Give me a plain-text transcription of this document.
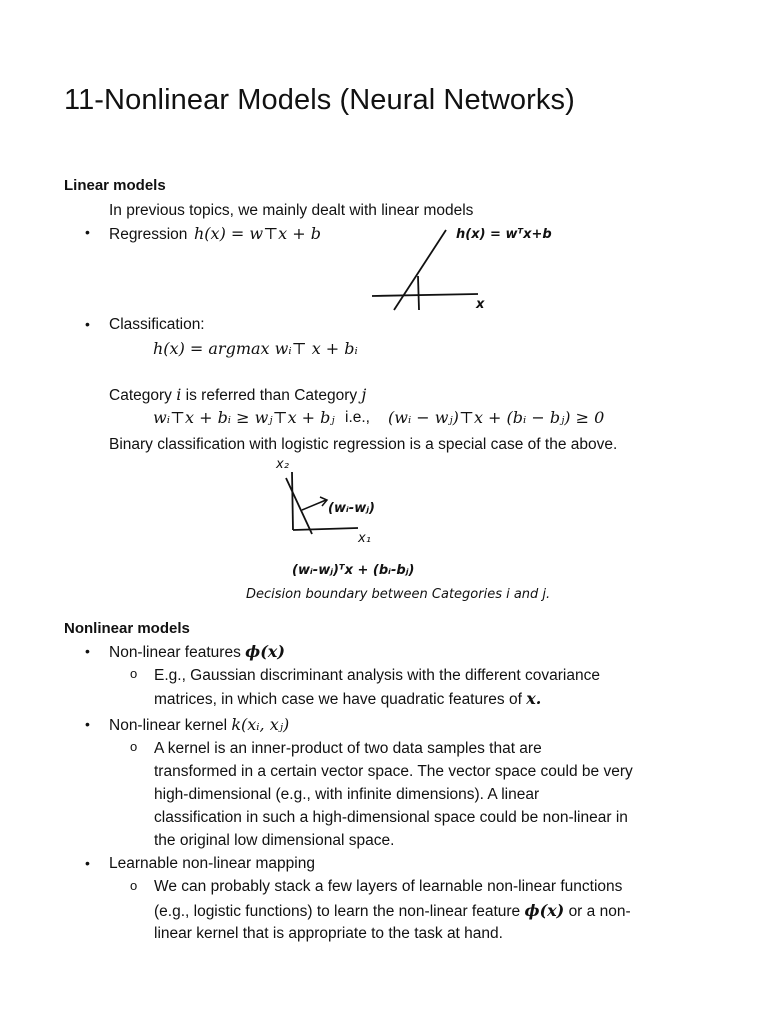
11-Nonlinear Models (Neural Networks)
Linear models
In previous topics, we mainly dealt with linear models
• Regression h(x) = w⊤x + b	h(x) = wᵀx+b
x
• Classification:
h(x) = argmax wᵢ⊤ x + bᵢ
Category i is referred than Category j
wᵢ⊤x + bᵢ ≥ wⱼ⊤x + bⱼ i.e., (wᵢ − wⱼ)⊤x + (bᵢ − bⱼ) ≥ 0
Binary classification with logistic regression is a special case of the above.
x₂
x₁
(wᵢ-wⱼ)
(wᵢ-wⱼ)ᵀx + (bᵢ-bⱼ)
Decision boundary between Categories i and j.
Nonlinear models
• Non-linear features ϕ(x)
o E.g., Gaussian discriminant analysis with the different covariance
matrices, in which case we have quadratic features of x.
• Non-linear kernel k(xᵢ, xⱼ)
o A kernel is an inner-product of two data samples that are
transformed in a certain vector space. The vector space could be very
high-dimensional (e.g., with infinite dimensions). A linear
classification in such a high-dimensional space could be non-linear in
the original low dimensional space.
• Learnable non-linear mapping
o We can probably stack a few layers of learnable non-linear functions
(e.g., logistic functions) to learn the non-linear feature ϕ(x) or a non-
linear kernel that is appropriate to the task at hand.
